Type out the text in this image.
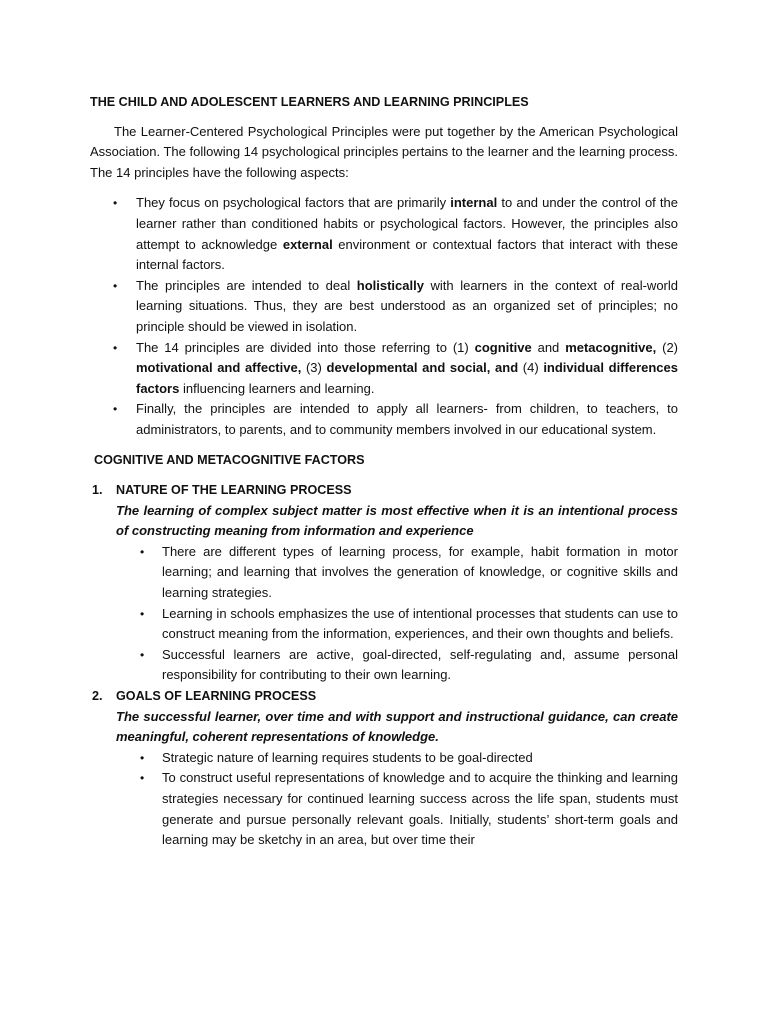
THE CHILD AND ADOLESCENT LEARNERS AND LEARNING PRINCIPLES

The Learner-Centered Psychological Principles were put together by the American Psychological Association. The following 14 psychological principles pertains to the learner and the learning process. The 14 principles have the following aspects:

• They focus on psychological factors that are primarily internal to and under the control of the learner rather than conditioned habits or psychological factors. However, the principles also attempt to acknowledge external environment or contextual factors that interact with these internal factors.
• The principles are intended to deal holistically with learners in the context of real-world learning situations. Thus, they are best understood as an organized set of principles; no principle should be viewed in isolation.
• The 14 principles are divided into those referring to (1) cognitive and metacognitive, (2) motivational and affective, (3) developmental and social, and (4) individual differences factors influencing learners and learning.
• Finally, the principles are intended to apply all learners- from children, to teachers, to administrators, to parents, and to community members involved in our educational system.
COGNITIVE AND METACOGNITIVE FACTORS
1. NATURE OF THE LEARNING PROCESS
The learning of complex subject matter is most effective when it is an intentional process of constructing meaning from information and experience
• There are different types of learning process, for example, habit formation in motor learning; and learning that involves the generation of knowledge, or cognitive skills and learning strategies.
• Learning in schools emphasizes the use of intentional processes that students can use to construct meaning from the information, experiences, and their own thoughts and beliefs.
• Successful learners are active, goal-directed, self-regulating and, assume personal responsibility for contributing to their own learning.
2. GOALS OF LEARNING PROCESS
The successful learner, over time and with support and instructional guidance, can create meaningful, coherent representations of knowledge.
• Strategic nature of learning requires students to be goal-directed
• To construct useful representations of knowledge and to acquire the thinking and learning strategies necessary for continued learning success across the life span, students must generate and pursue personally relevant goals. Initially, students’ short-term goals and learning may be sketchy in an area, but over time their
